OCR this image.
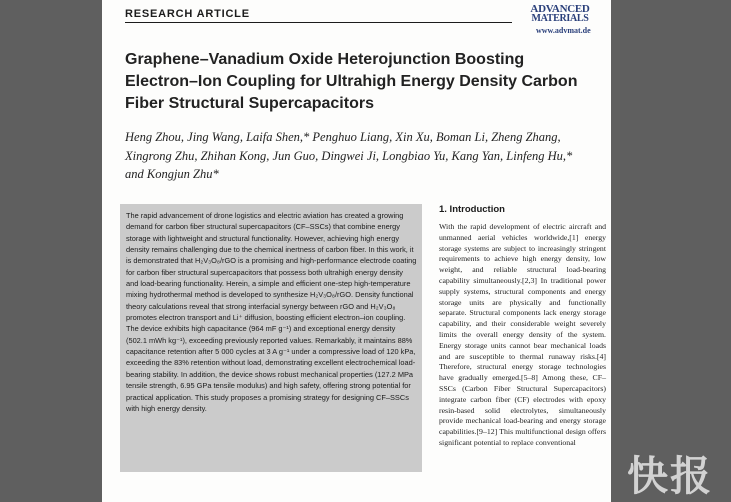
RESEARCH ARTICLE	ADVANCED
MATERIALS
www.advmat.de
Graphene–Vanadium Oxide Heterojunction Boosting Electron–Ion Coupling for Ultrahigh Energy Density Carbon Fiber Structural Supercapacitors

Heng Zhou, Jing Wang, Laifa Shen,* Penghuo Liang, Xin Xu, Boman Li, Zheng Zhang, Xingrong Zhu, Zhihan Kong, Jun Guo, Dingwei Ji, Longbiao Yu, Kang Yan, Linfeng Hu,* and Kongjun Zhu*

The rapid advancement of drone logistics and electric aviation has created a growing demand for carbon fiber structural supercapacitors (CF–SSCs) that combine energy storage with lightweight and structural functionality. However, achieving high energy density remains challenging due to the chemical inertness of carbon fiber. In this work, it is demonstrated that H₂V₃O₈/rGO is a promising and high-performance electrode coating for carbon fiber structural supercapacitors that possess both ultrahigh energy density and load-bearing functionality. Herein, a simple and efficient one-step high-temperature mixing hydrothermal method is developed to synthesize H₂V₃O₈/rGO. Density functional theory calculations reveal that strong interfacial synergy between rGO and H₂V₃O₈ promotes electron transport and Li⁺ diffusion, boosting efficient electron–ion coupling. The device exhibits high capacitance (964 mF g⁻¹) and exceptional energy density (502.1 mWh kg⁻¹), exceeding previously reported values. Remarkably, it maintains 88% capacitance retention after 5 000 cycles at 3 A g⁻¹ under a compressive load of 120 kPa, exceeding the 83% retention without load, demonstrating excellent electrochemical load-bearing stability. In addition, the device shows robust mechanical properties (127.2 MPa tensile strength, 6.95 GPa tensile modulus) and high safety, offering strong potential for practical application. This study proposes a promising strategy for designing CF–SSCs with high energy density.

1. Introduction

With the rapid development of electric aircraft and unmanned aerial vehicles worldwide,[1] energy storage systems are subject to increasingly stringent requirements to achieve high energy density, low weight, and reliable structural load-bearing capability simultaneously.[2,3] In traditional power supply systems, structural components and energy storage units are physically and functionally separate. Structural components lack energy storage capability, and their considerable weight severely limits the overall energy density of the system. Energy storage units cannot bear mechanical loads and are susceptible to thermal runaway risks.[4] Therefore, structural energy storage technologies have gradually emerged.[5–8] Among these, CF–SSCs (Carbon Fiber Structural Supercapacitors) integrate carbon fiber (CF) electrodes with epoxy resin-based solid electrolytes, simultaneously provide mechanical load-bearing and energy storage capabilities.[9–12] This multifunctional design offers significant potential to replace conventional

快报
